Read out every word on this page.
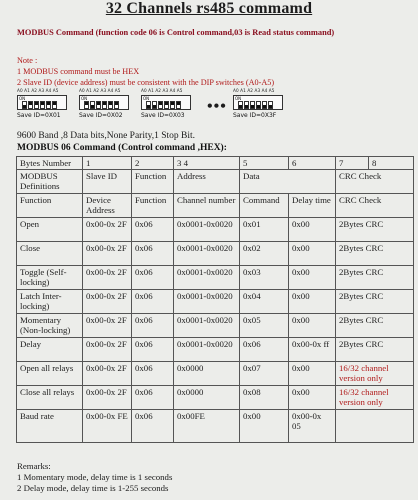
32 Channels rs485 commamd
MODBUS Command (function code 06 is Control command,03 is Read status command)
Note :
1 MODBUS command must be HEX
2 Slave ID (device address) must be consistent with the DIP switches (A0-A5)
A0 A1 A2 A3 A4 A5
ON
Save ID=0X01
A0 A1 A2 A3 A4 A5
ON
Save ID=0X02
A0 A1 A2 A3 A4 A5
ON
Save ID=0X03
•••
A0 A1 A2 A3 A4 A5
ON
Save ID=0X3F
9600 Band ,8 Data bits,None Parity,1 Stop Bit.
MODBUS 06 Command (Control command ,HEX):
Bytes Number	1	2	3 4	5	6	7	8
MODBUS Definitions	Slave ID	Function	Address	Data		CRC Check	
Function	Device Address	Function	Channel number	Command	Delay time	CRC Check	
Open	0x00-0x 2F	0x06	0x0001-0x0020	0x01	0x00	2Bytes CRC	
Close	0x00-0x 2F	0x06	0x0001-0x0020	0x02	0x00	2Bytes CRC	
Toggle (Self-locking)	0x00-0x 2F	0x06	0x0001-0x0020	0x03	0x00	2Bytes CRC	
Latch Inter-locking)	0x00-0x 2F	0x06	0x0001-0x0020	0x04	0x00	2Bytes CRC	
Momentary (Non-locking)	0x00-0x 2F	0x06	0x0001-0x0020	0x05	0x00	2Bytes CRC	
Delay	0x00-0x 2F	0x06	0x0001-0x0020	0x06	0x00-0x ff	2Bytes CRC	
Open all relays	0x00-0x 2F	0x06	0x0000	0x07	0x00	16/32 channel version only	
Close all relays	0x00-0x 2F	0x06	0x0000	0x08	0x00	16/32 channel version only	
Baud rate	0x00-0x FE	0x06	0x00FE	0x00	0x00-0x 05		
Remarks:
1 Momentary mode, delay time is 1 seconds
2 Delay mode, delay time is 1-255 seconds
